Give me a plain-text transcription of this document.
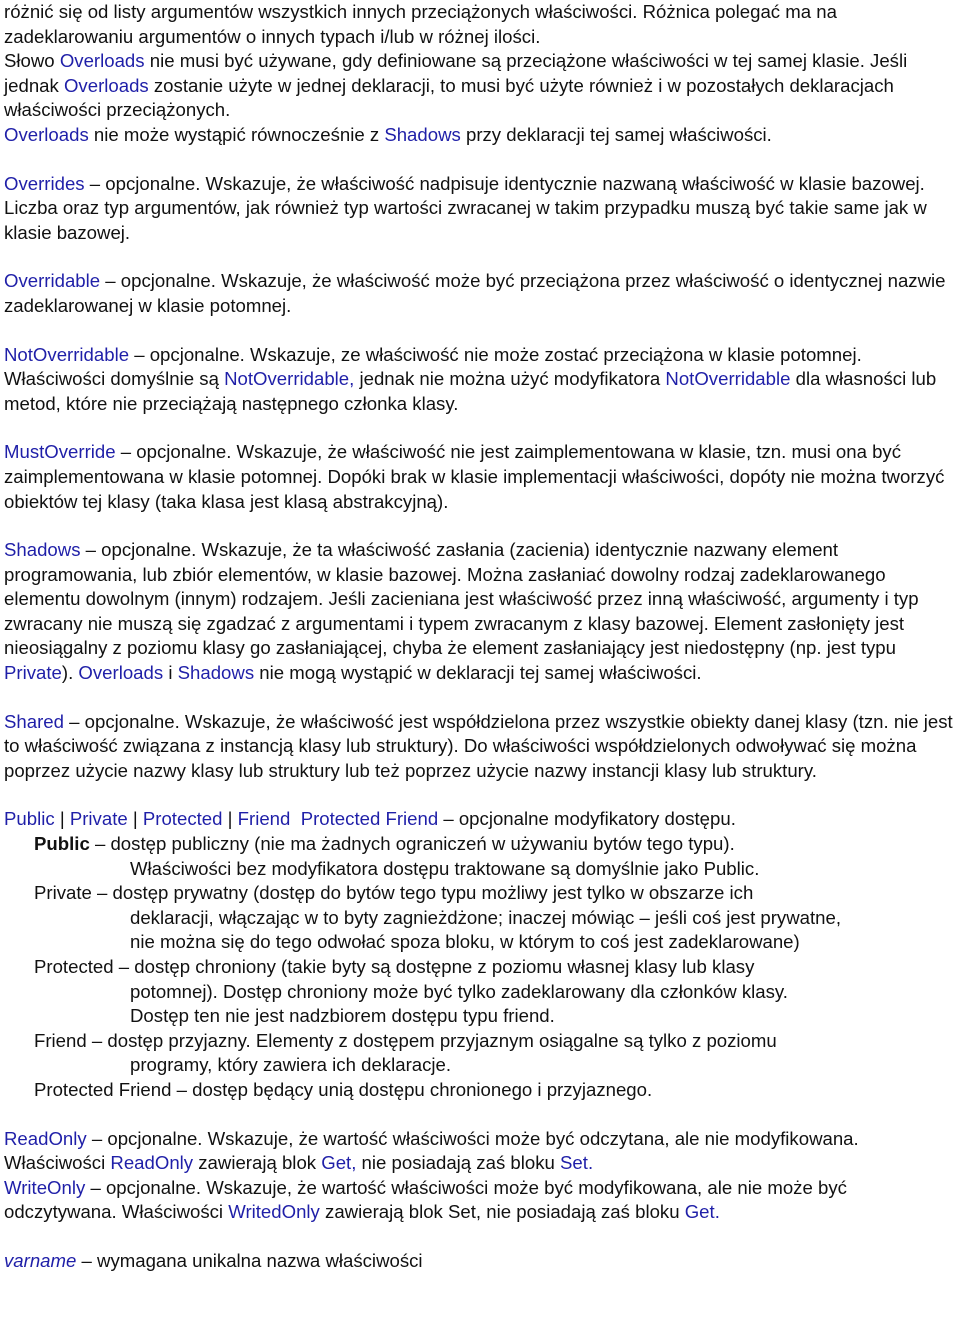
różnić się od listy argumentów wszystkich innych przeciążonych właściwości. Różnica polegać ma na zadeklarowaniu argumentów o innych typach i/lub w różnej ilości.

Słowo Overloads nie musi być używane, gdy definiowane są przeciążone właściwości w tej samej klasie. Jeśli jednak Overloads zostanie użyte w jednej deklaracji, to musi być użyte również i w pozostałych deklaracjach właściwości przeciążonych.

Overloads nie może wystąpić równocześnie z Shadows przy deklaracji tej samej właściwości.

Overrides – opcjonalne. Wskazuje, że właściwość nadpisuje identycznie nazwaną właściwość w klasie bazowej. Liczba oraz typ argumentów, jak również typ wartości zwracanej w takim przypadku muszą być takie same jak w klasie bazowej.

Overridable – opcjonalne. Wskazuje, że właściwość może być przeciążona przez właściwość o identycznej nazwie zadeklarowanej w klasie potomnej.

NotOverridable – opcjonalne. Wskazuje, ze właściwość nie może zostać przeciążona w klasie potomnej. Właściwości domyślnie są NotOverridable, jednak nie można użyć modyfikatora NotOverridable dla własności lub metod, które nie przeciążają następnego członka klasy.

MustOverride – opcjonalne. Wskazuje, że właściwość nie jest zaimplementowana w klasie, tzn. musi ona być zaimplementowana w klasie potomnej. Dopóki brak w klasie implementacji właściwości, dopóty nie można tworzyć obiektów tej klasy (taka klasa jest klasą abstrakcyjną).

Shadows – opcjonalne. Wskazuje, że ta właściwość zasłania (zacienia) identycznie nazwany element programowania, lub zbiór elementów, w klasie bazowej. Można zasłaniać dowolny rodzaj zadeklarowanego elementu dowolnym (innym) rodzajem. Jeśli zacieniana jest właściwość przez inną właściwość, argumenty i typ zwracany nie muszą się zgadzać z argumentami i typem zwracanym z klasy bazowej. Element zasłonięty jest nieosiągalny z poziomu klasy go zasłaniającej, chyba że element zasłaniający jest niedostępny (np. jest typu Private). Overloads i Shadows nie mogą wystąpić w deklaracji tej samej właściwości.

Shared – opcjonalne. Wskazuje, że właściwość jest współdzielona przez wszystkie obiekty danej klasy (tzn. nie jest to właściwość związana z instancją klasy lub struktury). Do właściwości współdzielonych odwoływać się można poprzez użycie nazwy klasy lub struktury lub też poprzez użycie nazwy instancji klasy lub struktury.

Public | Private | Protected | Friend Protected Friend – opcjonalne modyfikatory dostępu.

Public – dostęp publiczny (nie ma żadnych ograniczeń w używaniu bytów tego typu).

Właściwości bez modyfikatora dostępu traktowane są domyślnie jako Public.

Private – dostęp prywatny (dostęp do bytów tego typu możliwy jest tylko w obszarze ich

deklaracji, włączając w to byty zagnieżdżone; inaczej mówiąc – jeśli coś jest prywatne,

nie można się do tego odwołać spoza bloku, w którym to coś jest zadeklarowane)

Protected – dostęp chroniony (takie byty są dostępne z poziomu własnej klasy lub klasy

potomnej). Dostęp chroniony może być tylko zadeklarowany dla członków klasy.

Dostęp ten nie jest nadzbiorem dostępu typu friend.

Friend – dostęp przyjazny. Elementy z dostępem przyjaznym osiągalne są tylko z poziomu

programy, który zawiera ich deklaracje.

Protected Friend – dostęp będący unią dostępu chronionego i przyjaznego.

ReadOnly – opcjonalne. Wskazuje, że wartość właściwości może być odczytana, ale nie modyfikowana. Właściwości ReadOnly zawierają blok Get, nie posiadają zaś bloku Set.

WriteOnly – opcjonalne. Wskazuje, że wartość właściwości może być modyfikowana, ale nie może być odczytywana. Właściwości WritedOnly zawierają blok Set, nie posiadają zaś bloku Get.

varname – wymagana unikalna nazwa właściwości
